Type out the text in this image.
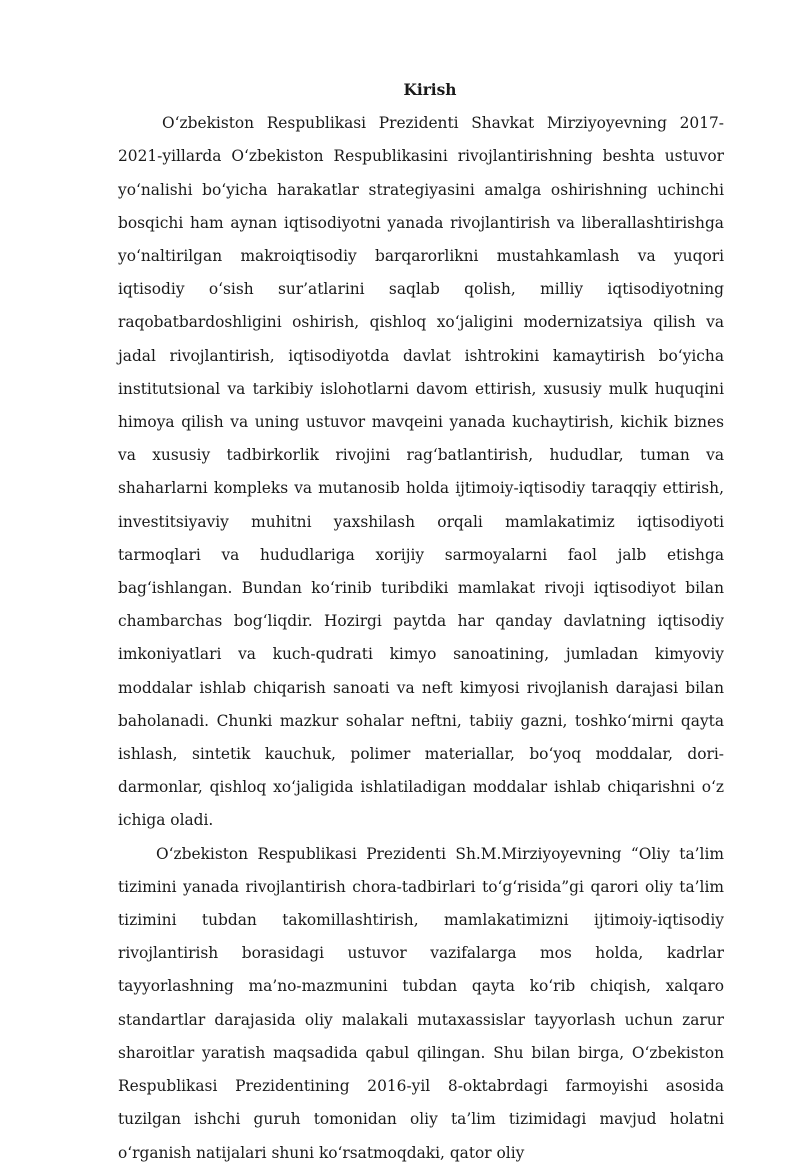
Kirish

O‘zbekiston Respublikasi Prezidenti Shavkat Mirziyoyevning 2017-2021-yillarda O‘zbekiston Respublikasini rivojlantirishning beshta ustuvor yo‘nalishi bo‘yicha harakatlar strategiyasini amalga oshirishning uchinchi bosqichi ham aynan iqtisodiyotni yanada rivojlantirish va liberallashtirishga yo‘naltirilgan makroiqtisodiy barqarorlikni mustahkamlash va yuqori iqtisodiy o‘sish sur’atlarini saqlab qolish, milliy iqtisodiyotning raqobatbardoshligini oshirish, qishloq xo‘jaligini modernizatsiya qilish va jadal rivojlantirish, iqtisodiyotda davlat ishtrokini kamaytirish bo‘yicha institutsional va tarkibiy islohotlarni davom ettirish, xususiy mulk huquqini himoya qilish va uning ustuvor mavqeini yanada kuchaytirish, kichik biznes va xususiy tadbirkorlik rivojini rag‘batlantirish, hududlar, tuman va shaharlarni kompleks va mutanosib holda ijtimoiy-iqtisodiy taraqqiy ettirish, investitsiyaviy muhitni yaxshilash orqali mamlakatimiz iqtisodiyoti tarmoqlari va hududlariga xorijiy sarmoyalarni faol jalb etishga bag‘ishlangan. Bundan ko‘rinib turibdiki mamlakat rivoji iqtisodiyot bilan chambarchas bog‘liqdir. Hozirgi paytda har qanday davlatning iqtisodiy imkoniyatlari va kuch-qudrati kimyo sanoatining, jumladan kimyoviy moddalar ishlab chiqarish sanoati va neft kimyosi rivojlanish darajasi bilan baholanadi. Chunki mazkur sohalar neftni, tabiiy gazni, toshko‘mirni qayta ishlash, sintetik kauchuk, polimer materiallar, bo‘yoq moddalar, dori-darmonlar, qishloq xo‘jaligida ishlatiladigan moddalar ishlab chiqarishni o‘z ichiga oladi.

O‘zbekiston Respublikasi Prezidenti Sh.M.Mirziyoyevning “Oliy ta’lim tizimini yanada rivojlantirish chora-tadbirlari to‘g‘risida”gi qarori oliy ta’lim tizimini tubdan takomillashtirish, mamlakatimizni ijtimoiy-iqtisodiy rivojlantirish borasidagi ustuvor vazifalarga mos holda, kadrlar tayyorlashning ma’no-mazmunini tubdan qayta ko‘rib chiqish, xalqaro standartlar darajasida oliy malakali mutaxassislar tayyorlash uchun zarur sharoitlar yaratish maqsadida qabul qilingan. Shu bilan birga, O‘zbekiston Respublikasi Prezidentining 2016-yil 8-oktabrdagi farmoyishi asosida tuzilgan ishchi guruh tomonidan oliy ta’lim tizimidagi mavjud holatni o‘rganish natijalari shuni ko‘rsatmoqdaki, qator oliy
